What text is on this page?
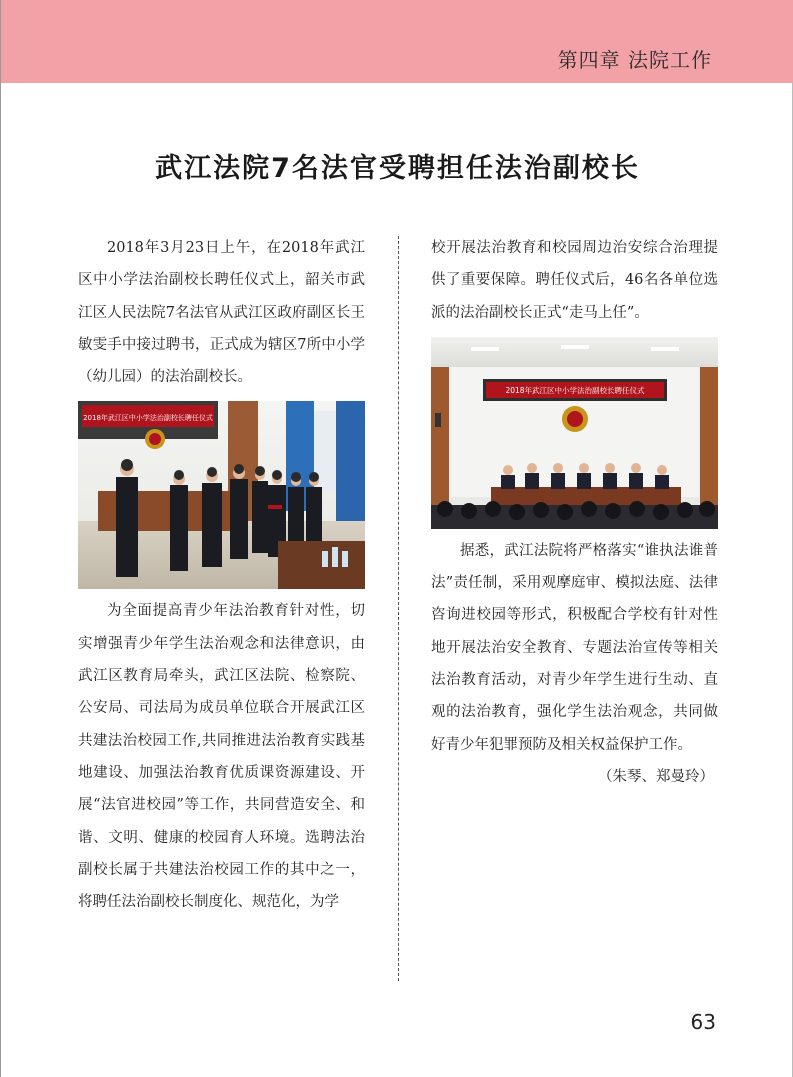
第四章 法院工作
武江法院7名法官受聘担任法治副校长

2018年3月23日上午，在2018年武江区中小学法治副校长聘任仪式上，韶关市武江区人民法院7名法官从武江区政府副区长王敏雯手中接过聘书，正式成为辖区7所中小学（幼儿园）的法治副校长。

2018年武江区中小学法治副校长聘任仪式

为全面提高青少年法治教育针对性，切实增强青少年学生法治观念和法律意识，由武江区教育局牵头，武江区法院、检察院、公安局、司法局为成员单位联合开展武江区共建法治校园工作,共同推进法治教育实践基地建设、加强法治教育优质课资源建设、开展“法官进校园”等工作，共同营造安全、和谐、文明、健康的校园育人环境。选聘法治副校长属于共建法治校园工作的其中之一，将聘任法治副校长制度化、规范化，为学

校开展法治教育和校园周边治安综合治理提供了重要保障。聘任仪式后，46名各单位选派的法治副校长正式“走马上任”。

2018年武江区中小学法治副校长聘任仪式

据悉，武江法院将严格落实“谁执法谁普法”责任制，采用观摩庭审、模拟法庭、法律咨询进校园等形式，积极配合学校有针对性地开展法治安全教育、专题法治宣传等相关法治教育活动，对青少年学生进行生动、直观的法治教育，强化学生法治观念，共同做好青少年犯罪预防及相关权益保护工作。

（朱琴、郑曼玲）

63
